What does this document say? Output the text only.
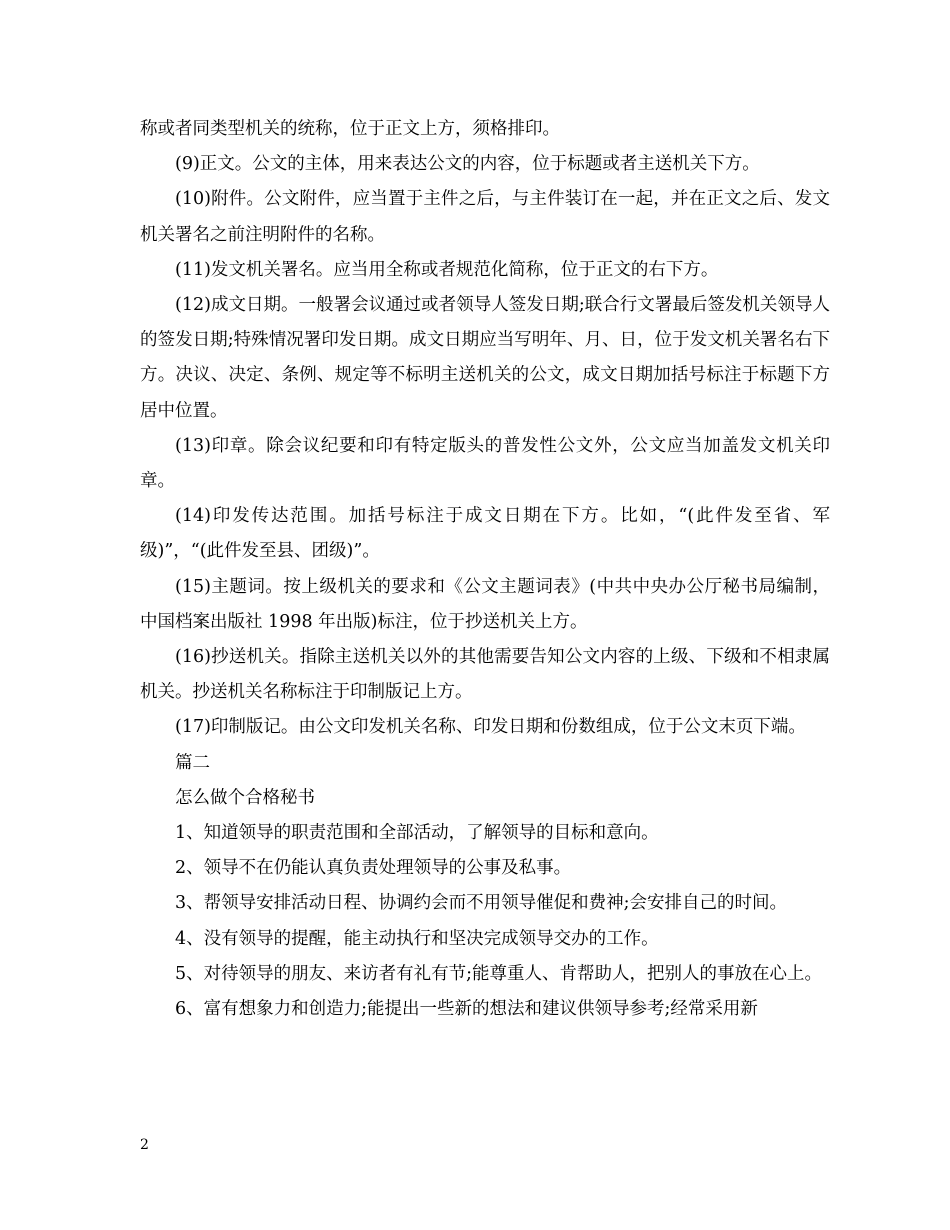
称或者同类型机关的统称，位于正文上方，须格排印。

(9)正文。公文的主体，用来表达公文的内容，位于标题或者主送机关下方。

(10)附件。公文附件，应当置于主件之后，与主件装订在一起，并在正文之后、发文机关署名之前注明附件的名称。

(11)发文机关署名。应当用全称或者规范化简称，位于正文的右下方。

(12)成文日期。一般署会议通过或者领导人签发日期;联合行文署最后签发机关领导人的签发日期;特殊情况署印发日期。成文日期应当写明年、月、日，位于发文机关署名右下方。决议、决定、条例、规定等不标明主送机关的公文，成文日期加括号标注于标题下方居中位置。

(13)印章。除会议纪要和印有特定版头的普发性公文外，公文应当加盖发文机关印章。

(14)印发传达范围。加括号标注于成文日期在下方。比如，“(此件发至省、军级)”，“(此件发至县、团级)”。

(15)主题词。按上级机关的要求和《公文主题词表》(中共中央办公厅秘书局编制，中国档案出版社 1998 年出版)标注，位于抄送机关上方。

(16)抄送机关。指除主送机关以外的其他需要告知公文内容的上级、下级和不相隶属机关。抄送机关名称标注于印制版记上方。

(17)印制版记。由公文印发机关名称、印发日期和份数组成，位于公文末页下端。

篇二

怎么做个合格秘书

1、知道领导的职责范围和全部活动，了解领导的目标和意向。

2、领导不在仍能认真负责处理领导的公事及私事。

3、帮领导安排活动日程、协调约会而不用领导催促和费神;会安排自己的时间。

4、没有领导的提醒，能主动执行和坚决完成领导交办的工作。

5、对待领导的朋友、来访者有礼有节;能尊重人、肯帮助人，把别人的事放在心上。

6、富有想象力和创造力;能提出一些新的想法和建议供领导参考;经常采用新

2
